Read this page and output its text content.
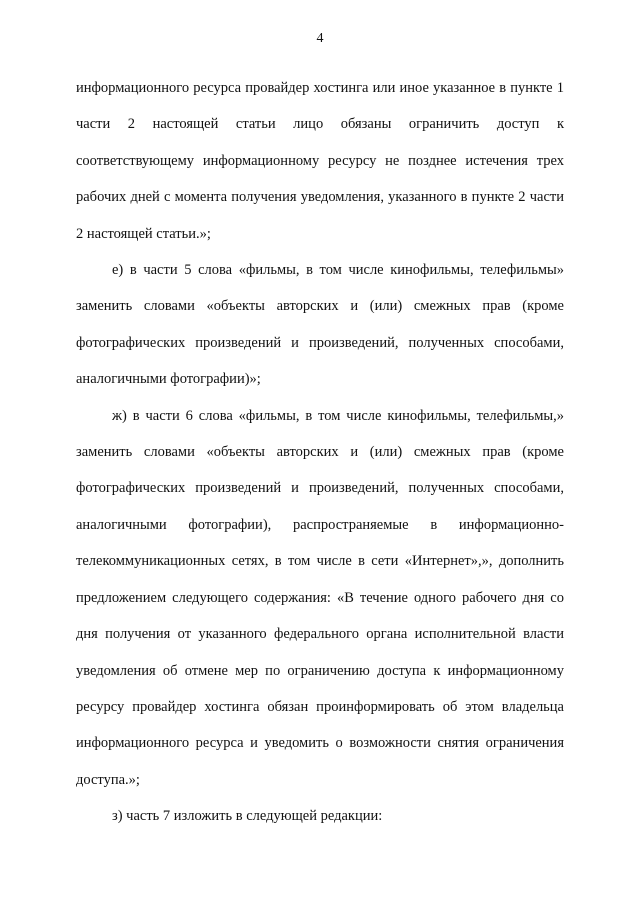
4

информационного ресурса провайдер хостинга или иное указанное в пункте 1 части 2 настоящей статьи лицо обязаны ограничить доступ к соответствующему информационному ресурсу не позднее истечения трех рабочих дней с момента получения уведомления, указанного в пункте 2 части 2 настоящей статьи.»;

е) в части 5 слова «фильмы, в том числе кинофильмы, телефильмы» заменить словами «объекты авторских и (или) смежных прав (кроме фотографических произведений и произведений, полученных способами, аналогичными фотографии)»;

ж) в части 6 слова «фильмы, в том числе кинофильмы, телефильмы,» заменить словами «объекты авторских и (или) смежных прав (кроме фотографических произведений и произведений, полученных способами, аналогичными фотографии), распространяемые в информационно-телекоммуникационных сетях, в том числе в сети «Интернет»,», дополнить предложением следующего содержания: «В течение одного рабочего дня со дня получения от указанного федерального органа исполнительной власти уведомления об отмене мер по ограничению доступа к информационному ресурсу провайдер хостинга обязан проинформировать об этом владельца информационного ресурса и уведомить о возможности снятия ограничения доступа.»;

з) часть 7 изложить в следующей редакции:
